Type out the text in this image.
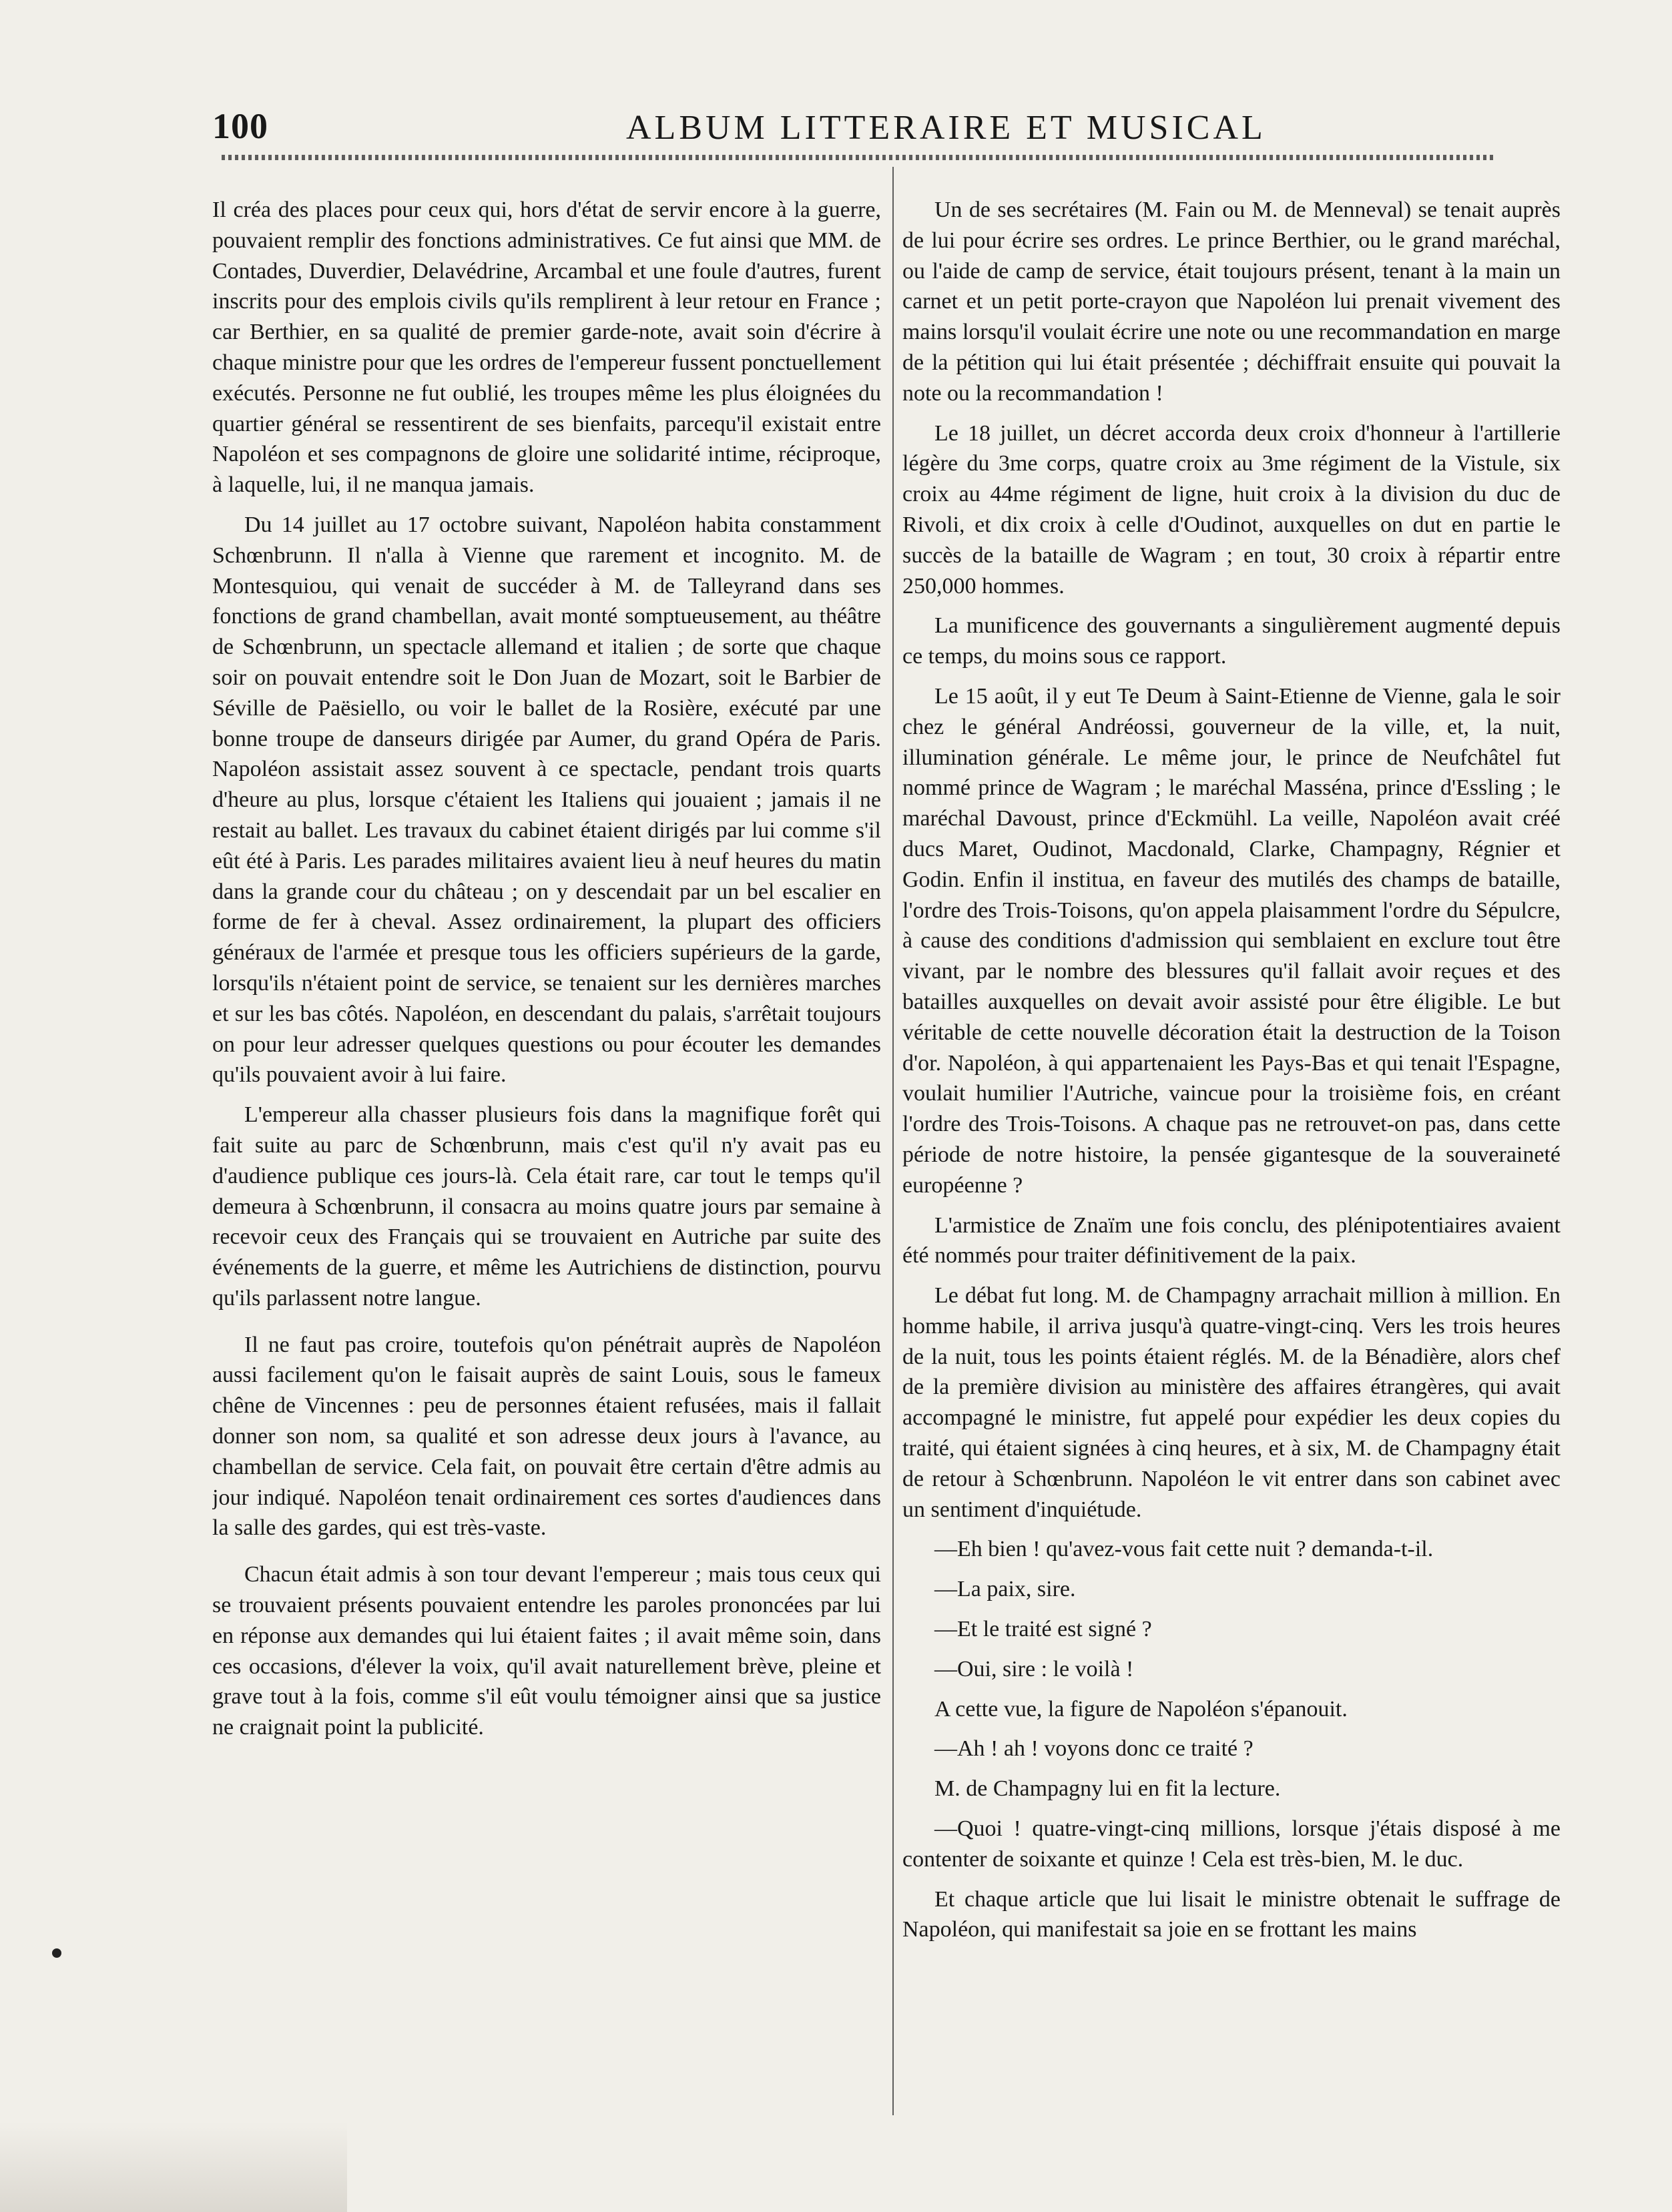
100	ALBUM LITTERAIRE ET MUSICAL

Il créa des places pour ceux qui, hors d'état de servir encore à la guerre, pouvaient remplir des fonctions administratives. Ce fut ainsi que MM. de Contades, Duverdier, Delavédrine, Arcambal et une foule d'autres, furent inscrits pour des emplois civils qu'ils remplirent à leur retour en France ; car Berthier, en sa qualité de premier garde-note, avait soin d'écrire à chaque ministre pour que les ordres de l'empereur fussent ponctuellement exécutés. Personne ne fut oublié, les troupes même les plus éloignées du quartier général se ressentirent de ses bienfaits, parcequ'il existait entre Napoléon et ses compagnons de gloire une solidarité intime, réciproque, à laquelle, lui, il ne manqua jamais.

Du 14 juillet au 17 octobre suivant, Napoléon habita constamment Schœnbrunn. Il n'alla à Vienne que rarement et incognito. M. de Montesquiou, qui venait de succéder à M. de Talleyrand dans ses fonctions de grand chambellan, avait monté somptueusement, au théâtre de Schœnbrunn, un spectacle allemand et italien ; de sorte que chaque soir on pouvait entendre soit le Don Juan de Mozart, soit le Barbier de Séville de Paësiello, ou voir le ballet de la Rosière, exécuté par une bonne troupe de danseurs dirigée par Aumer, du grand Opéra de Paris. Napoléon assistait assez souvent à ce spectacle, pendant trois quarts d'heure au plus, lorsque c'étaient les Italiens qui jouaient ; jamais il ne restait au ballet. Les travaux du cabinet étaient dirigés par lui comme s'il eût été à Paris. Les parades militaires avaient lieu à neuf heures du matin dans la grande cour du château ; on y descendait par un bel escalier en forme de fer à cheval. Assez ordinairement, la plupart des officiers généraux de l'armée et presque tous les officiers supérieurs de la garde, lorsqu'ils n'étaient point de service, se tenaient sur les dernières marches et sur les bas côtés. Napoléon, en descendant du palais, s'arrêtait toujours on pour leur adresser quelques questions ou pour écouter les demandes qu'ils pouvaient avoir à lui faire.

L'empereur alla chasser plusieurs fois dans la magnifique forêt qui fait suite au parc de Schœnbrunn, mais c'est qu'il n'y avait pas eu d'audience publique ces jours-là. Cela était rare, car tout le temps qu'il demeura à Schœnbrunn, il consacra au moins quatre jours par semaine à recevoir ceux des Français qui se trouvaient en Autriche par suite des événements de la guerre, et même les Autrichiens de distinction, pourvu qu'ils parlassent notre langue.

Il ne faut pas croire, toutefois qu'on pénétrait auprès de Napoléon aussi facilement qu'on le faisait auprès de saint Louis, sous le fameux chêne de Vincennes : peu de personnes étaient refusées, mais il fallait donner son nom, sa qualité et son adresse deux jours à l'avance, au chambellan de service. Cela fait, on pouvait être certain d'être admis au jour indiqué. Napoléon tenait ordinairement ces sortes d'audiences dans la salle des gardes, qui est très-vaste.

Chacun était admis à son tour devant l'empereur ; mais tous ceux qui se trouvaient présents pouvaient entendre les paroles prononcées par lui en réponse aux demandes qui lui étaient faites ; il avait même soin, dans ces occasions, d'élever la voix, qu'il avait naturellement brève, pleine et grave tout à la fois, comme s'il eût voulu témoigner ainsi que sa justice ne craignait point la publicité.

Un de ses secrétaires (M. Fain ou M. de Menneval) se tenait auprès de lui pour écrire ses ordres. Le prince Berthier, ou le grand maréchal, ou l'aide de camp de service, était toujours présent, tenant à la main un carnet et un petit porte-crayon que Napoléon lui prenait vivement des mains lorsqu'il voulait écrire une note ou une recommandation en marge de la pétition qui lui était présentée ; déchiffrait ensuite qui pouvait la note ou la recommandation !

Le 18 juillet, un décret accorda deux croix d'honneur à l'artillerie légère du 3me corps, quatre croix au 3me régiment de la Vistule, six croix au 44me régiment de ligne, huit croix à la division du duc de Rivoli, et dix croix à celle d'Oudinot, auxquelles on dut en partie le succès de la bataille de Wagram ; en tout, 30 croix à répartir entre 250,000 hommes.

La munificence des gouvernants a singulièrement augmenté depuis ce temps, du moins sous ce rapport.

Le 15 août, il y eut Te Deum à Saint-Etienne de Vienne, gala le soir chez le général Andréossi, gouverneur de la ville, et, la nuit, illumination générale. Le même jour, le prince de Neufchâtel fut nommé prince de Wagram ; le maréchal Masséna, prince d'Essling ; le maréchal Davoust, prince d'Eckmühl. La veille, Napoléon avait créé ducs Maret, Oudinot, Macdonald, Clarke, Champagny, Régnier et Godin. Enfin il institua, en faveur des mutilés des champs de bataille, l'ordre des Trois-Toisons, qu'on appela plaisamment l'ordre du Sépulcre, à cause des conditions d'admission qui semblaient en exclure tout être vivant, par le nombre des blessures qu'il fallait avoir reçues et des batailles auxquelles on devait avoir assisté pour être éligible. Le but véritable de cette nouvelle décoration était la destruction de la Toison d'or. Napoléon, à qui appartenaient les Pays-Bas et qui tenait l'Espagne, voulait humilier l'Autriche, vaincue pour la troisième fois, en créant l'ordre des Trois-Toisons. A chaque pas ne retrouvet-on pas, dans cette période de notre histoire, la pensée gigantesque de la souveraineté européenne ?

L'armistice de Znaïm une fois conclu, des plénipotentiaires avaient été nommés pour traiter définitivement de la paix.

Le débat fut long. M. de Champagny arrachait million à million. En homme habile, il arriva jusqu'à quatre-vingt-cinq. Vers les trois heures de la nuit, tous les points étaient réglés. M. de la Bénadière, alors chef de la première division au ministère des affaires étrangères, qui avait accompagné le ministre, fut appelé pour expédier les deux copies du traité, qui étaient signées à cinq heures, et à six, M. de Champagny était de retour à Schœnbrunn. Napoléon le vit entrer dans son cabinet avec un sentiment d'inquiétude.

—Eh bien ! qu'avez-vous fait cette nuit ? demanda-t-il.

—La paix, sire.

—Et le traité est signé ?

—Oui, sire : le voilà !

A cette vue, la figure de Napoléon s'épanouit.

—Ah ! ah ! voyons donc ce traité ?

M. de Champagny lui en fit la lecture.

—Quoi ! quatre-vingt-cinq millions, lorsque j'étais disposé à me contenter de soixante et quinze ! Cela est très-bien, M. le duc.

Et chaque article que lui lisait le ministre obtenait le suffrage de Napoléon, qui manifestait sa joie en se frottant les mains
